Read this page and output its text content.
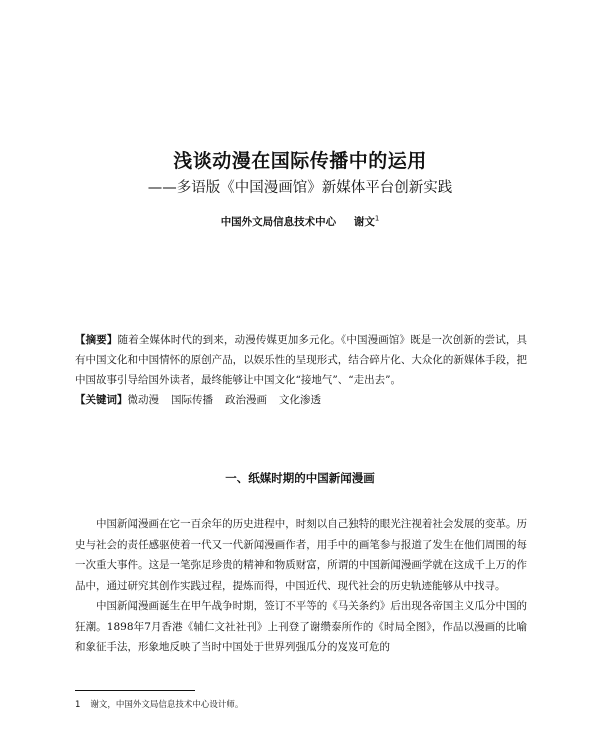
浅谈动漫在国际传播中的运用
——多语版《中国漫画馆》新媒体平台创新实践
中国外文局信息技术中心 谢文$^1$

【摘要】随着全媒体时代的到来，动漫传媒更加多元化。《中国漫画馆》既是一次创新的尝试，具有中国文化和中国情怀的原创产品，以娱乐性的呈现形式，结合碎片化、大众化的新媒体手段，把中国故事引导给国外读者，最终能够让中国文化“接地气”、“走出去”。

【关键词】微动漫 国际传播 政治漫画 文化渗透

一、纸媒时期的中国新闻漫画

中国新闻漫画在它一百余年的历史进程中，时刻以自己独特的眼光注视着社会发展的变革。历史与社会的责任感驱使着一代又一代新闻漫画作者，用手中的画笔参与报道了发生在他们周围的每一次重大事件。这是一笔弥足珍贵的精神和物质财富，所谓的中国新闻漫画学就在这成千上万的作品中，通过研究其创作实践过程，提炼而得，中国近代、现代社会的历史轨迹能够从中找寻。

中国新闻漫画诞生在甲午战争时期，签订不平等的《马关条约》后出现各帝国主义瓜分中国的狂潮。1898年7月香港《辅仁文社社刊》上刊登了谢缵泰所作的《时局全图》，作品以漫画的比喻和象征手法，形象地反映了当时中国处于世界列强瓜分的岌岌可危的

1 谢文，中国外文局信息技术中心设计师。
